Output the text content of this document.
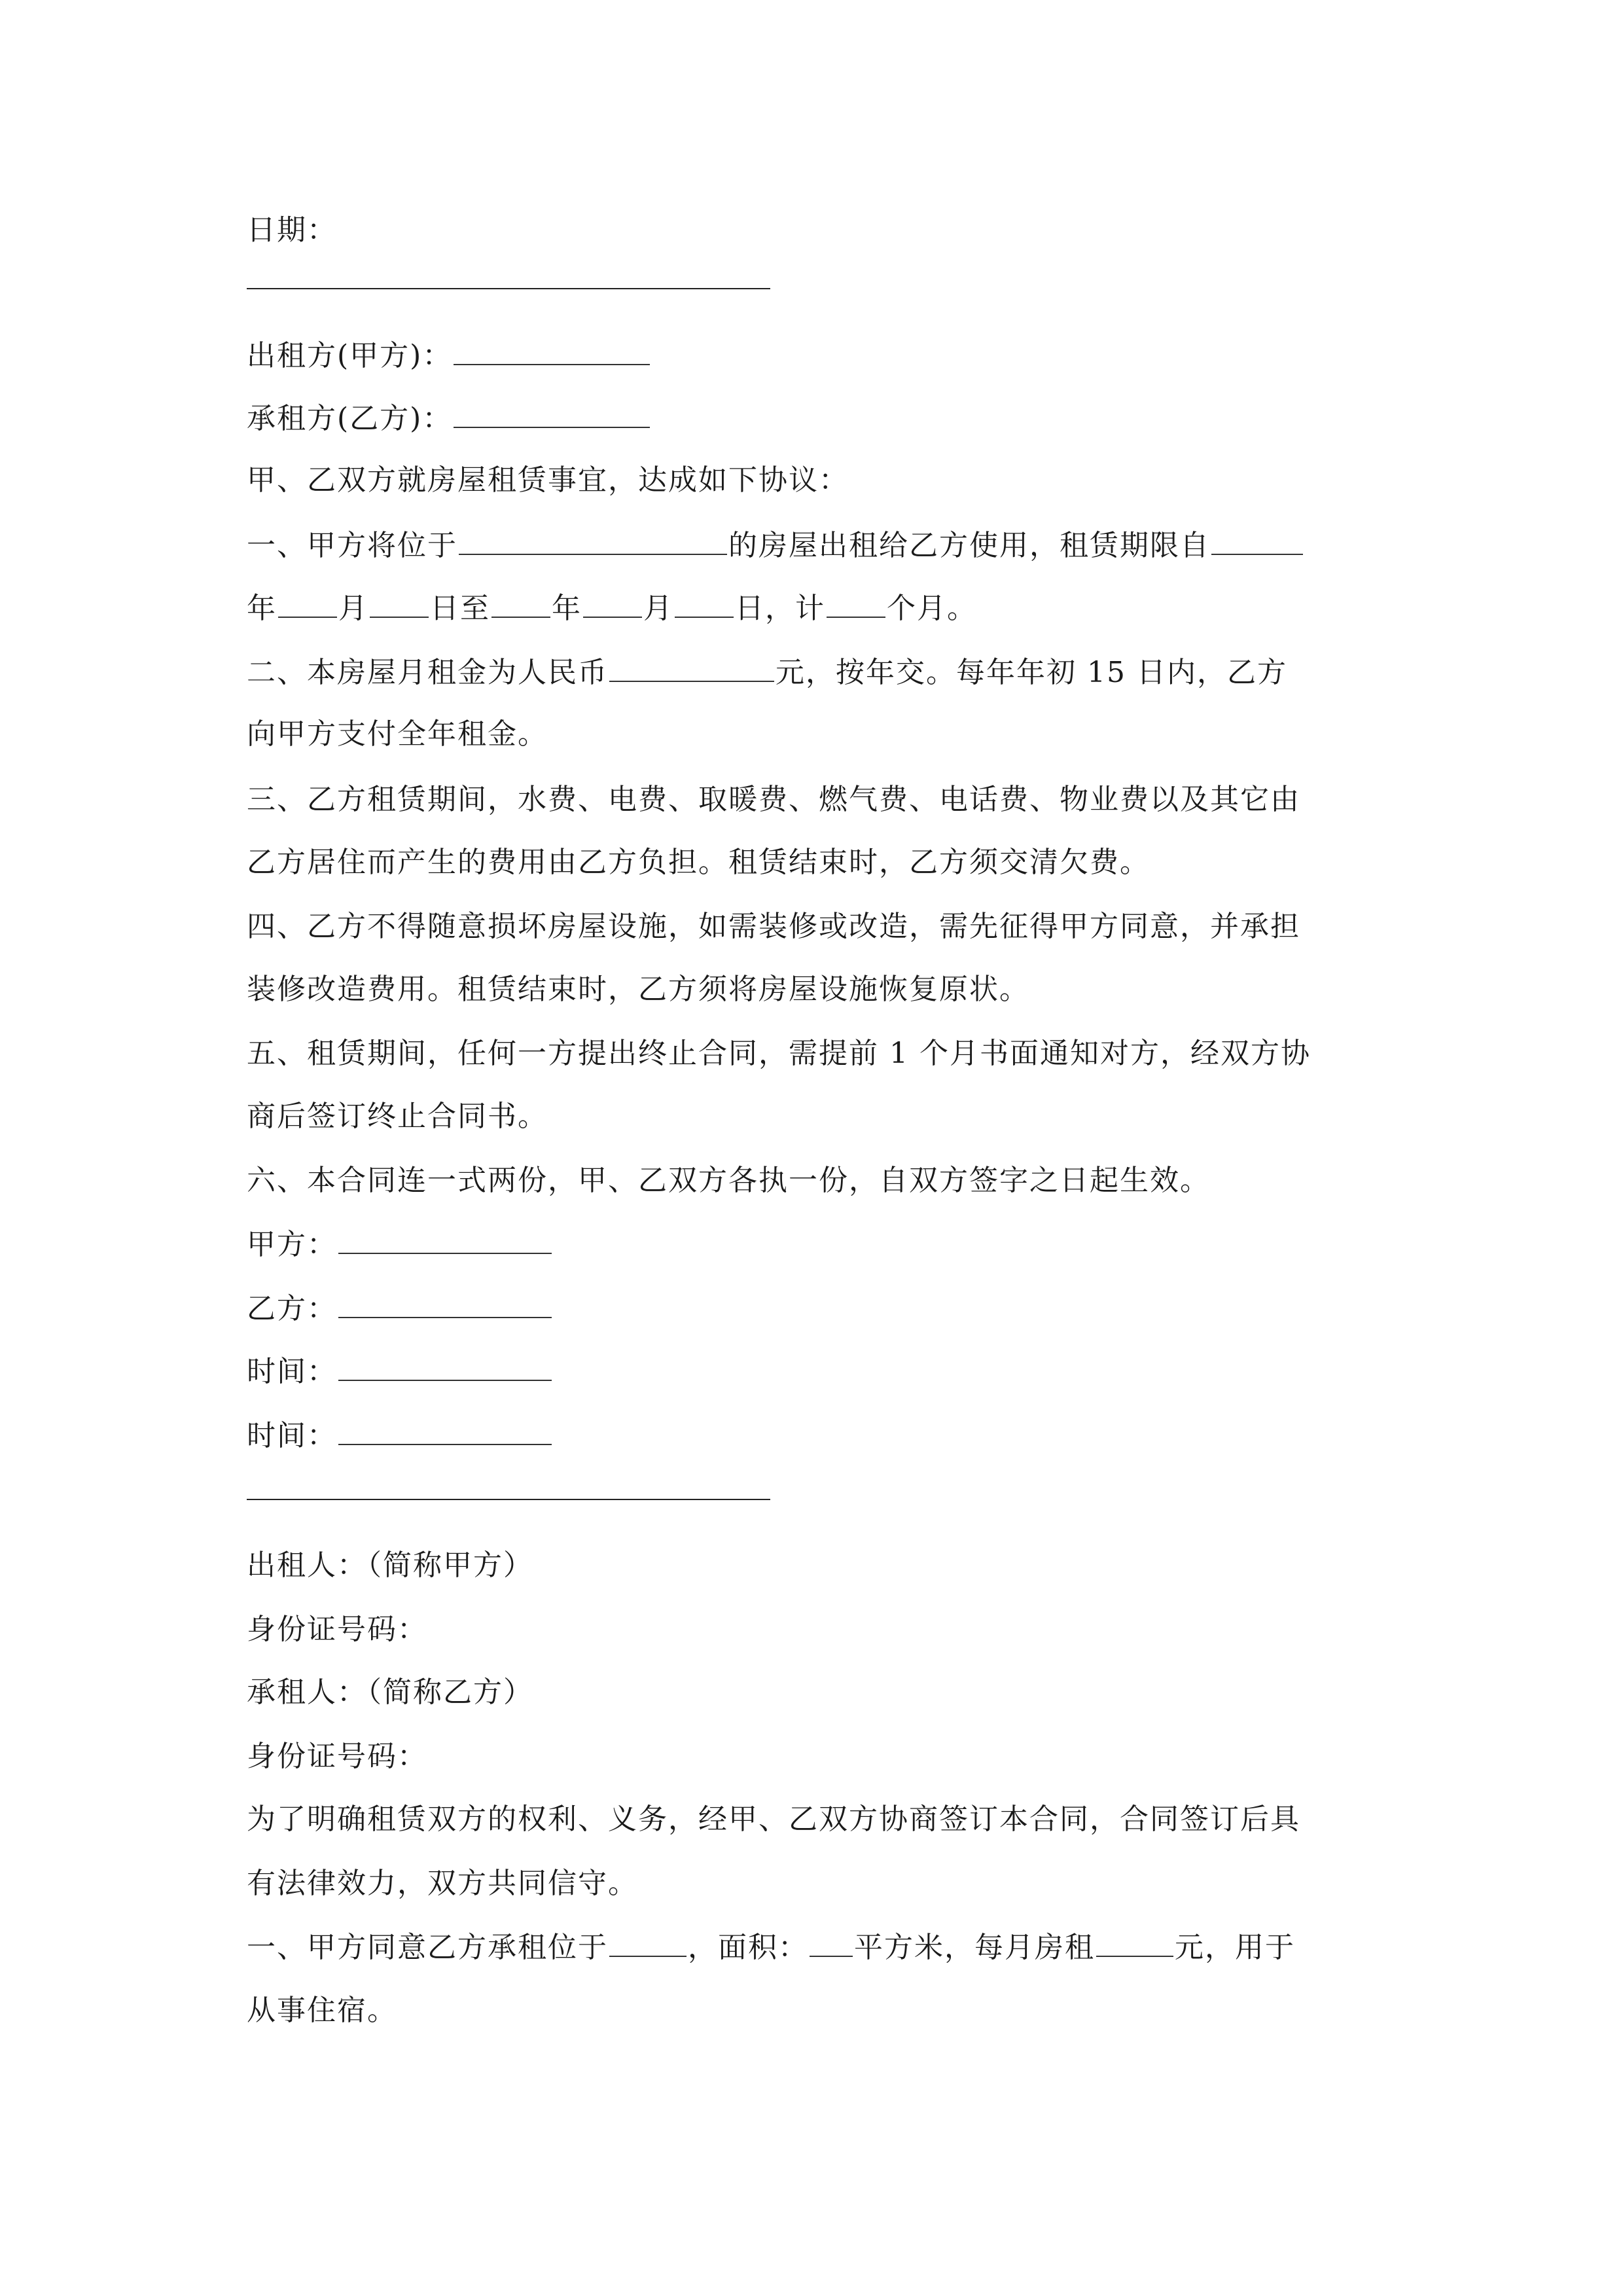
日期：
出租方(甲方)：
承租方(乙方)：
甲、乙双方就房屋租赁事宜，达成如下协议：
一、甲方将位于	的房屋出租给乙方使用，租赁期限自
年 月 日至 年 月 日，计 个月。
二、本房屋月租金为人民币	元，按年交。每年年初 15 日内，乙方
向甲方支付全年租金。
三、乙方租赁期间，水费、电费、取暖费、燃气费、电话费、物业费以及其它由
乙方居住而产生的费用由乙方负担。租赁结束时，乙方须交清欠费。
四、乙方不得随意损坏房屋设施，如需装修或改造，需先征得甲方同意，并承担
装修改造费用。租赁结束时，乙方须将房屋设施恢复原状。
五、租赁期间，任何一方提出终止合同，需提前 1 个月书面通知对方，经双方协
商后签订终止合同书。
六、本合同连一式两份，甲、乙双方各执一份，自双方签字之日起生效。
甲方：
乙方：
时间：
时间：
出租人：（简称甲方）
身份证号码：
承租人：（简称乙方）
身份证号码：
为了明确租赁双方的权利、义务，经甲、乙双方协商签订本合同，合同签订后具
有法律效力，双方共同信守。
一、甲方同意乙方承租位于	，面积： 平方米，每月房租	元，用于
从事住宿。
